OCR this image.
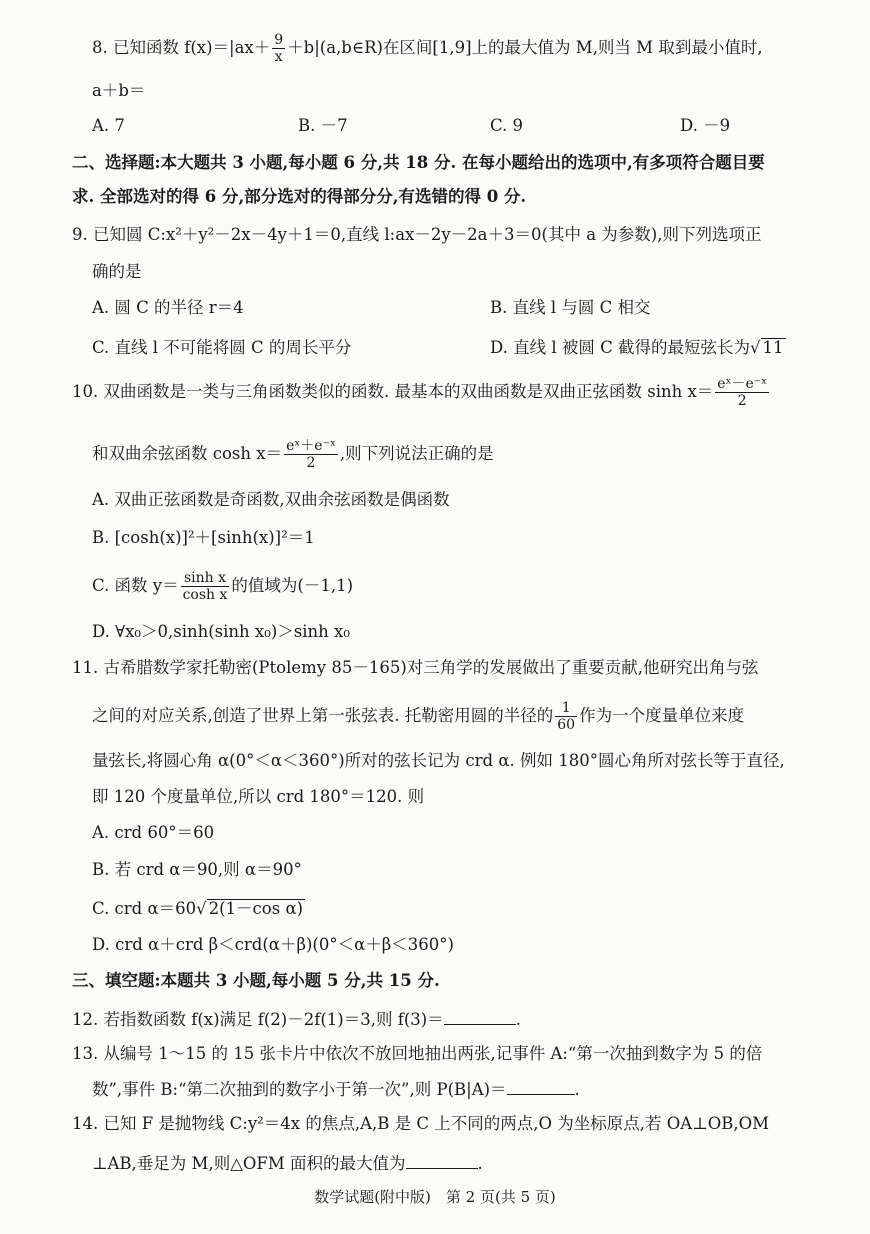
8. 已知函数 $f(x)=|ax+ \frac{9}{x}$ ＋b|(a,b∈R)在区间[1,9]上的最大值为 M,则当 M 取到最小值时,
a＋b＝
A. 7	B. －7	C. 9	D. －9
二、选择题:本大题共 3 小题,每小题 6 分,共 18 分. 在每小题给出的选项中,有多项符合题目要
求. 全部选对的得 6 分,部分选对的得部分分,有选错的得 0 分.
9. 已知圆 C:x²＋y²－2x－4y＋1＝0,直线 l:ax－2y－2a＋3＝0(其中 a 为参数),则下列选项正
确的是
A. 圆 C 的半径 r＝4	B. 直线 l 与圆 C 相交
C. 直线 l 不可能将圆 C 的周长平分	D. 直线 l 被圆 C 截得的最短弦长为√ 11
10. 双曲函数是一类与三角函数类似的函数. 最基本的双曲函数是双曲正弦函数 $\sinh x= \frac{\text{eˣ－e⁻ˣ}}{2}$
和双曲余弦函数 $\cosh x= \frac{\text{eˣ＋e⁻ˣ}}{2}$ ,则下列说法正确的是
A. 双曲正弦函数是奇函数,双曲余弦函数是偶函数
B. [cosh(x)]²＋[sinh(x)]²＝1
C. 函数 $y= \frac{\text{sinh x}}{\text{cosh x}}$ 的值域为(－1,1)
D. ∀x₀＞0,sinh(sinh x₀)＞sinh x₀
11. 古希腊数学家托勒密(Ptolemy 85－165)对三角学的发展做出了重要贡献,他研究出角与弦
之间的对应关系,创造了世界上第一张弦表. 托勒密用圆的半径的 $\frac{1}{60}$ 作为一个度量单位来度
量弦长,将圆心角 α(0°＜α＜360°)所对的弦长记为 crd α. 例如 180°圆心角所对弦长等于直径,
即 120 个度量单位,所以 crd 180°＝120. 则
A. crd 60°＝60
B. 若 crd α＝90,则 α＝90°
C. crd α＝60√ 2(1－cos α)
D. crd α＋crd β＜crd(α＋β)(0°＜α＋β＜360°)
三、填空题:本题共 3 小题,每小题 5 分,共 15 分.
12. 若指数函数 f(x)满足 f(2)－2f(1)＝3,则 f(3)＝	.
13. 从编号 1～15 的 15 张卡片中依次不放回地抽出两张,记事件 A:“第一次抽到数字为 5 的倍
数”,事件 B:“第二次抽到的数字小于第一次”,则 P(B|A)＝	.
14. 已知 F 是抛物线 C:y²＝4x 的焦点,A,B 是 C 上不同的两点,O 为坐标原点,若 OA⊥OB,OM
⊥AB,垂足为 M,则△OFM 面积的最大值为	.
数学试题(附中版)　第 2 页(共 5 页)
